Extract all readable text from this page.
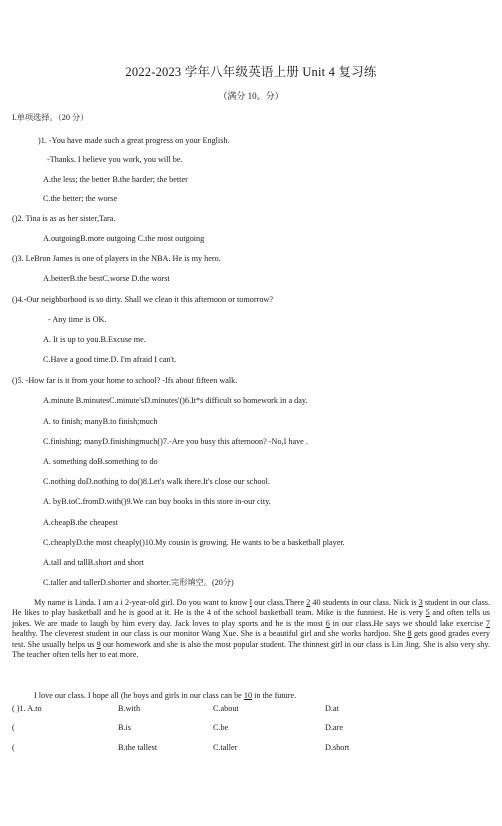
2022-2023 学年八年级英语上册 Unit 4 复习练
（满分 10。分）
I.单项选择。（20 分）
)1. -You have made such a great progress on your English.
-Thanks. I believe you work, you will be.
A.the less; the better B.the harder; the better
C.the better; the worse
()2. Tina is as as her sister,Tara.
A.outgoingB.more outgoing C.the most outgoing
()3. LeBron James is one of players in the NBA. He is my hero.
A.betterB.the bestC.worse D.the worst
()4.-Our neighborhood is so dirty. Shall we clean it this afternoon or tomorrow?
- Any time is OK.
A. It is up to you.B.Excuse me.
C.Have a good time.D. I'm afraid I can't.
()5. -How far is it from your home to school? -Ifs about fifteen walk.
A.minute B.minutesC.minute'sD.minutes'()6.It*s difficult so homework in a day.
A. to finish; manyB.to finish;much
C.finishing; manyD.finishingmuch()7.-Are you busy this afternoon? -No,I have .
A. something doB.something to do
C.nothing doD.nothing to do()8.Let's walk there.It's close our school.
A. byB.toC.fromD.with()9.We can buy books in this store in-our city.
A.cheapB.the cheapest
C.cheaplyD.the most cheaply()10.My cousin is growing. He wants to be a basketball player.
A.tall and tallB.short and short
C.taller and tallerD.shorter and shorter.完形填空。(20分)
My name is Linda. I am a i 2-year-old girl. Do you want to know l our class.There 2 40 students in our class. Nick is 3 student in our class. He likes to play basketball and he is good at it. He is the 4 of the school basketball team. Mike is the funniest. He is very 5 and often tells us jokes. We are made to laugh by him every day. Jack loves to play sports and he is the most 6 in our class.He says we should lake exercise 7 healthy. The cleverest student in our class is our monitor Wang Xue. She is a beautiful girl and she works hardjoo. She 8 gets good grades every test. She usually helps us 9 our homework and she is also the most popular student. The thinnest girl in our class is Lin Jing. She is also very shy. The teacher often tells her to eat more.
I love our class. I hope all (he boys and girls in our class can be 10 in the future.
( )1. A.to	B.with	C.about	D.at
(	B.is	C.be	D.are
(	B.the tallest	C.taller	D.short
